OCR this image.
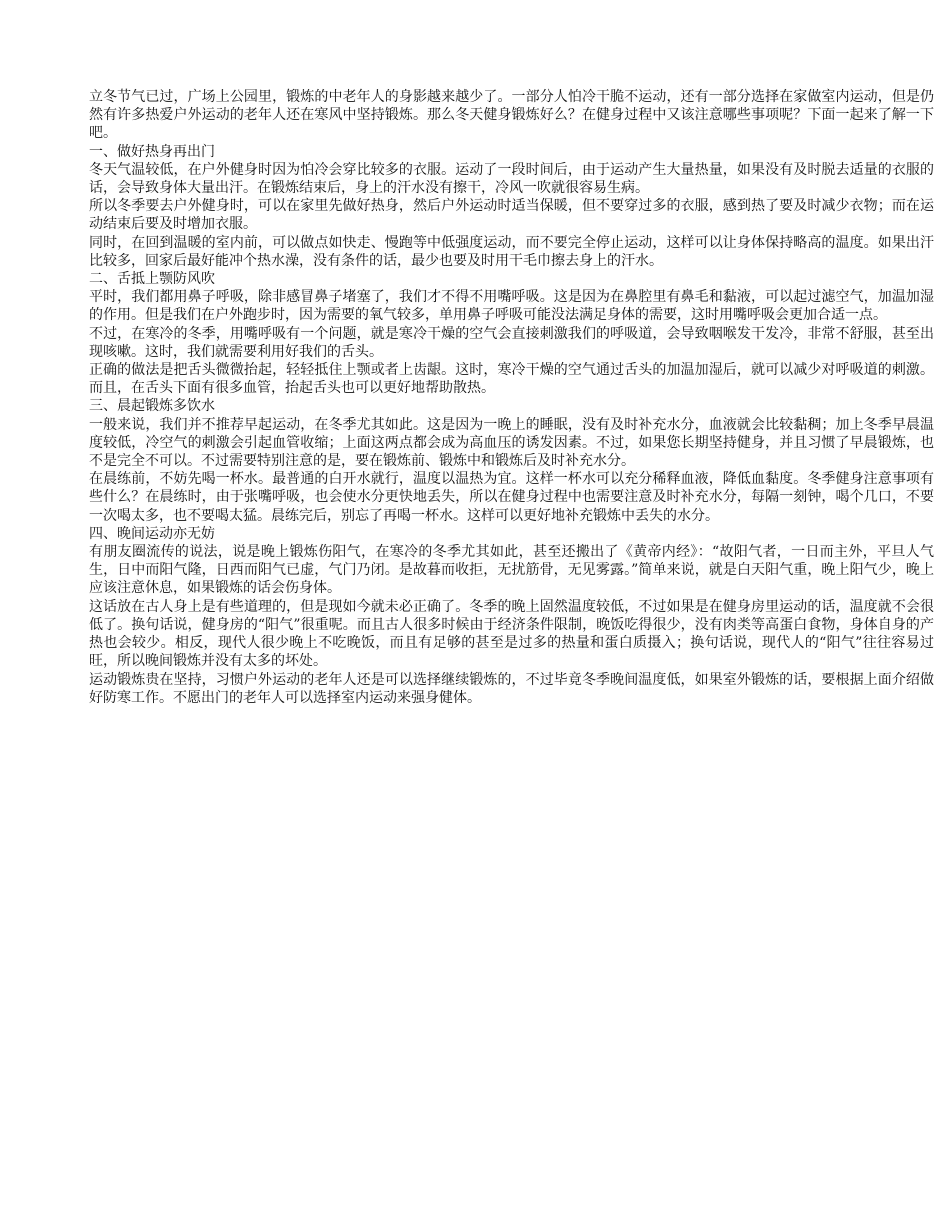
立冬节气已过，广场上公园里，锻炼的中老年人的身影越来越少了。一部分人怕冷干脆不运动，还有一部分选择在家做室内运动，但是仍然有许多热爱户外运动的老年人还在寒风中坚持锻炼。那么冬天健身锻炼好么？在健身过程中又该注意哪些事项呢？下面一起来了解一下吧。

一、做好热身再出门

冬天气温较低，在户外健身时因为怕冷会穿比较多的衣服。运动了一段时间后，由于运动产生大量热量，如果没有及时脱去适量的衣服的话，会导致身体大量出汗。在锻炼结束后，身上的汗水没有擦干，冷风一吹就很容易生病。

所以冬季要去户外健身时，可以在家里先做好热身，然后户外运动时适当保暖，但不要穿过多的衣服，感到热了要及时减少衣物；而在运动结束后要及时增加衣服。

同时，在回到温暖的室内前，可以做点如快走、慢跑等中低强度运动，而不要完全停止运动，这样可以让身体保持略高的温度。如果出汗比较多，回家后最好能冲个热水澡，没有条件的话，最少也要及时用干毛巾擦去身上的汗水。

二、舌抵上颚防风吹

平时，我们都用鼻子呼吸，除非感冒鼻子堵塞了，我们才不得不用嘴呼吸。这是因为在鼻腔里有鼻毛和黏液，可以起过滤空气，加温加湿的作用。但是我们在户外跑步时，因为需要的氧气较多，单用鼻子呼吸可能没法满足身体的需要，这时用嘴呼吸会更加合适一点。

不过，在寒冷的冬季，用嘴呼吸有一个问题，就是寒冷干燥的空气会直接刺激我们的呼吸道，会导致咽喉发干发冷，非常不舒服，甚至出现咳嗽。这时，我们就需要利用好我们的舌头。

正确的做法是把舌头微微抬起，轻轻抵住上颚或者上齿龈。这时，寒冷干燥的空气通过舌头的加温加湿后，就可以减少对呼吸道的刺激。而且，在舌头下面有很多血管，抬起舌头也可以更好地帮助散热。

三、晨起锻炼多饮水

一般来说，我们并不推荐早起运动，在冬季尤其如此。这是因为一晚上的睡眠，没有及时补充水分，血液就会比较黏稠；加上冬季早晨温度较低，冷空气的刺激会引起血管收缩；上面这两点都会成为高血压的诱发因素。不过，如果您长期坚持健身，并且习惯了早晨锻炼，也不是完全不可以。不过需要特别注意的是，要在锻炼前、锻炼中和锻炼后及时补充水分。

在晨练前，不妨先喝一杯水。最普通的白开水就行，温度以温热为宜。这样一杯水可以充分稀释血液，降低血黏度。冬季健身注意事项有些什么？在晨练时，由于张嘴呼吸，也会使水分更快地丢失，所以在健身过程中也需要注意及时补充水分，每隔一刻钟，喝个几口，不要一次喝太多，也不要喝太猛。晨练完后，别忘了再喝一杯水。这样可以更好地补充锻炼中丢失的水分。

四、晚间运动亦无妨

有朋友圈流传的说法，说是晚上锻炼伤阳气，在寒冷的冬季尤其如此，甚至还搬出了《黄帝内经》：“故阳气者，一日而主外，平旦人气生，日中而阳气隆，日西而阳气已虚，气门乃闭。是故暮而收拒，无扰筋骨，无见雾露。”简单来说，就是白天阳气重，晚上阳气少，晚上应该注意休息，如果锻炼的话会伤身体。

这话放在古人身上是有些道理的，但是现如今就未必正确了。冬季的晚上固然温度较低，不过如果是在健身房里运动的话，温度就不会很低了。换句话说，健身房的“阳气”很重呢。而且古人很多时候由于经济条件限制，晚饭吃得很少，没有肉类等高蛋白食物，身体自身的产热也会较少。相反，现代人很少晚上不吃晚饭，而且有足够的甚至是过多的热量和蛋白质摄入；换句话说，现代人的“阳气”往往容易过旺，所以晚间锻炼并没有太多的坏处。

运动锻炼贵在坚持，习惯户外运动的老年人还是可以选择继续锻炼的，不过毕竟冬季晚间温度低，如果室外锻炼的话，要根据上面介绍做好防寒工作。不愿出门的老年人可以选择室内运动来强身健体。
